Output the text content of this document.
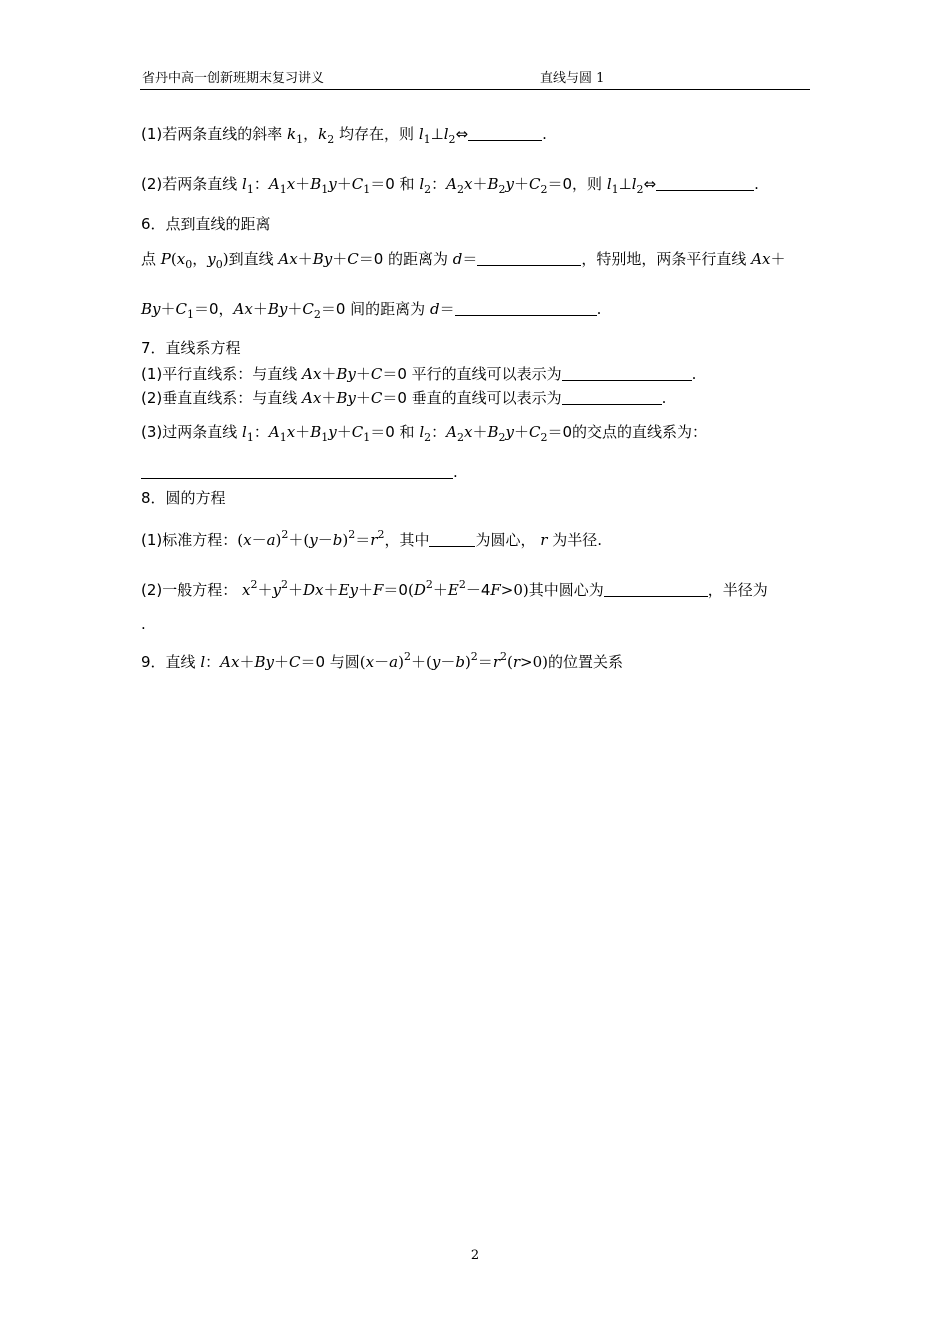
省丹中高一创新班期末复习讲义	直线与圆 1
(1)若两条直线的斜率 $k_1$，$k_2$ 均存在，则 $l_1\perp l_2\Leftrightarrow$	.
(2)若两条直线 $l_1$：$A_1x+B_1y+C_1=0$ 和 $l_2$：$A_2x+B_2y+C_2=0$，则 $l_1\perp l_2\Leftrightarrow$	.
6．点到直线的距离
点 $P(x_0$，$y_0$)到直线 Ax＋By＋C＝0 的距离为 d＝	，特别地，两条平行直线 Ax＋
$By+C_1=0$，$Ax+By+C_2=0$ 间的距离为 d＝	.
7．直线系方程
(1)平行直线系：与直线 Ax＋By＋C＝0 平行的直线可以表示为	.
(2)垂直直线系：与直线 Ax＋By＋C＝0 垂直的直线可以表示为	.
(3)过两条直线 $l_1$：$A_1x+B_1y+C_1=0$ 和 $l_2$：$A_2x+B_2y+C_2=0$的交点的直线系为：
.
8．圆的方程
(1)标准方程：$(x-a)^2+(y-b)^2=r^2$，其中	为圆心， r 为半径.
(2)一般方程： $x^2+y^2+Dx+Ey+F=0(D^2+E^2-4F>0)$其中圆心为	，半径为
.
9．直线 l：Ax＋By＋C＝0 与圆$(x-a)^2+(y-b)^2=r^2(r>0)$的位置关系
2
